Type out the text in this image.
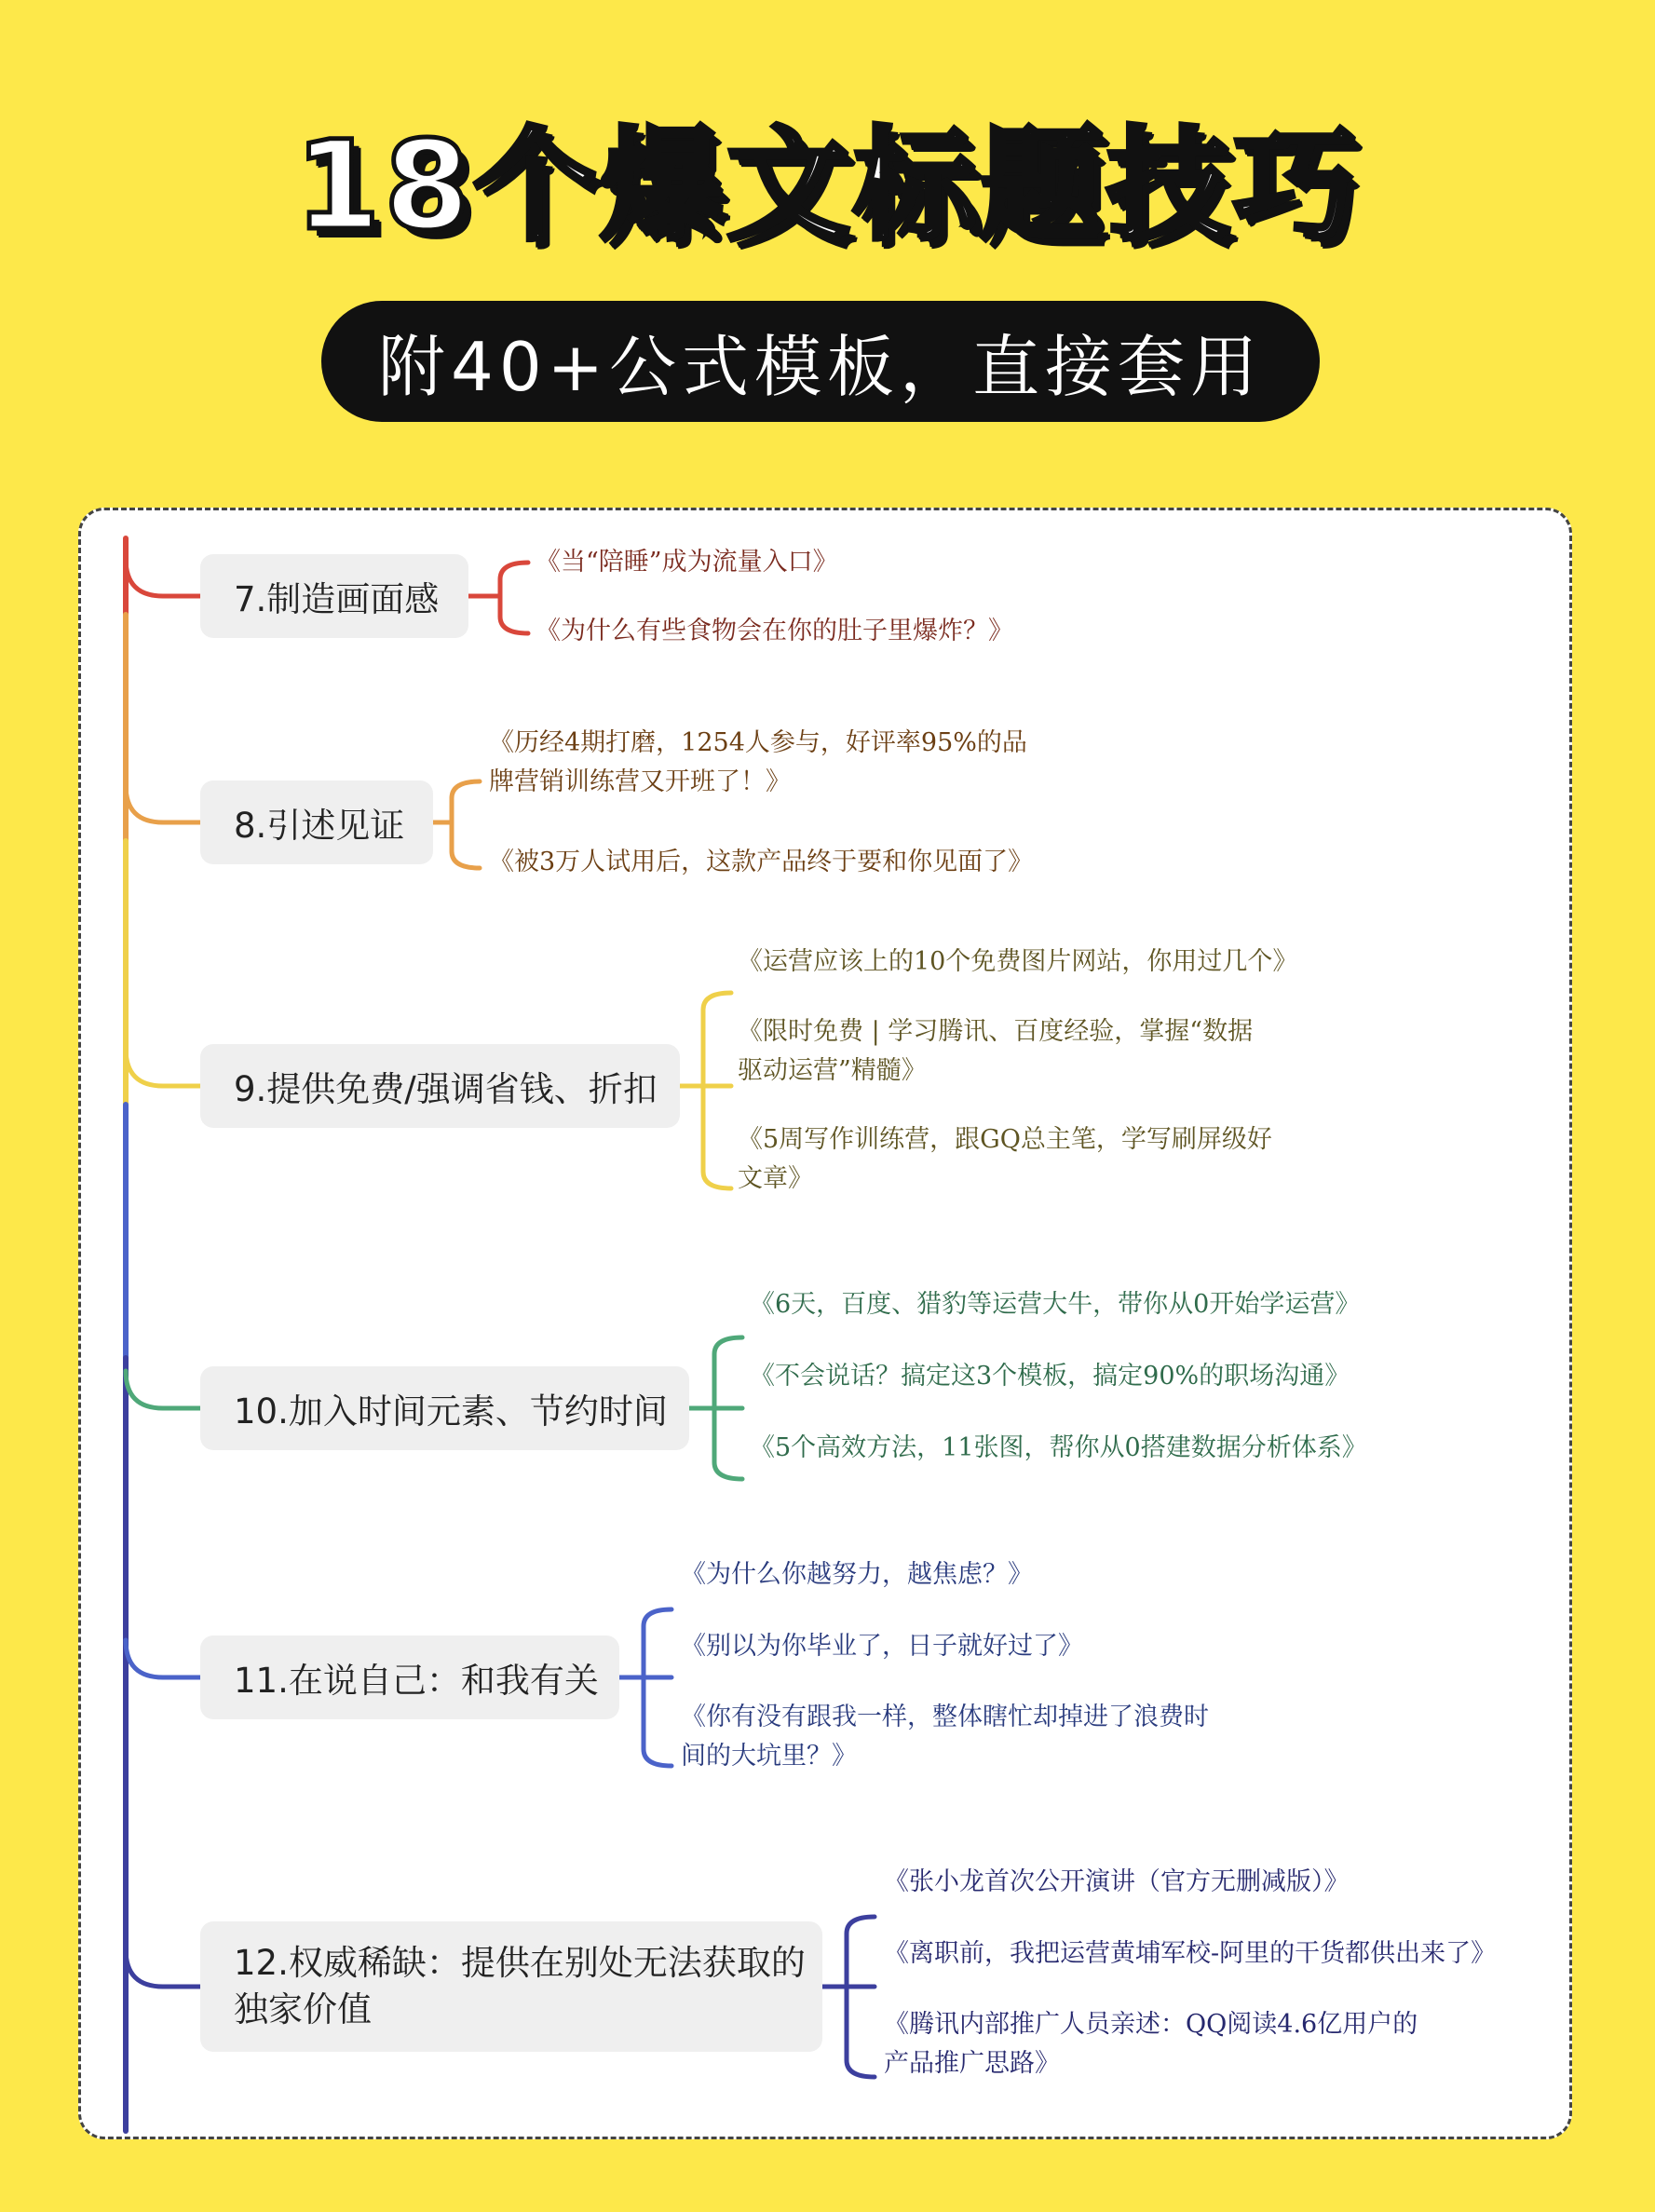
18个爆文标题技巧
附40+公式模板，直接套用
7.制造画面感
《当“陪睡”成为流量入口》
《为什么有些食物会在你的肚子里爆炸？》
8.引述见证
《历经4期打磨，1254人参与，好评率95%的品
牌营销训练营又开班了！》
《被3万人试用后，这款产品终于要和你见面了》
9.提供免费/强调省钱、折扣
《运营应该上的10个免费图片网站，你用过几个》
《限时免费 | 学习腾讯、百度经验，掌握“数据
驱动运营”精髓》
《5周写作训练营，跟GQ总主笔，学写刷屏级好
文章》
10.加入时间元素、节约时间
《6天，百度、猎豹等运营大牛，带你从0开始学运营》
《不会说话？搞定这3个模板，搞定90%的职场沟通》
《5个高效方法，11张图，帮你从0搭建数据分析体系》
11.在说自己：和我有关
《为什么你越努力，越焦虑？》
《别以为你毕业了，日子就好过了》
《你有没有跟我一样，整体瞎忙却掉进了浪费时
间的大坑里？》
12.权威稀缺：提供在别处无法获取的
独家价值
《张小龙首次公开演讲（官方无删减版）》
《离职前，我把运营黄埔军校-阿里的干货都供出来了》
《腾讯内部推广人员亲述：QQ阅读4.6亿用户的
产品推广思路》
